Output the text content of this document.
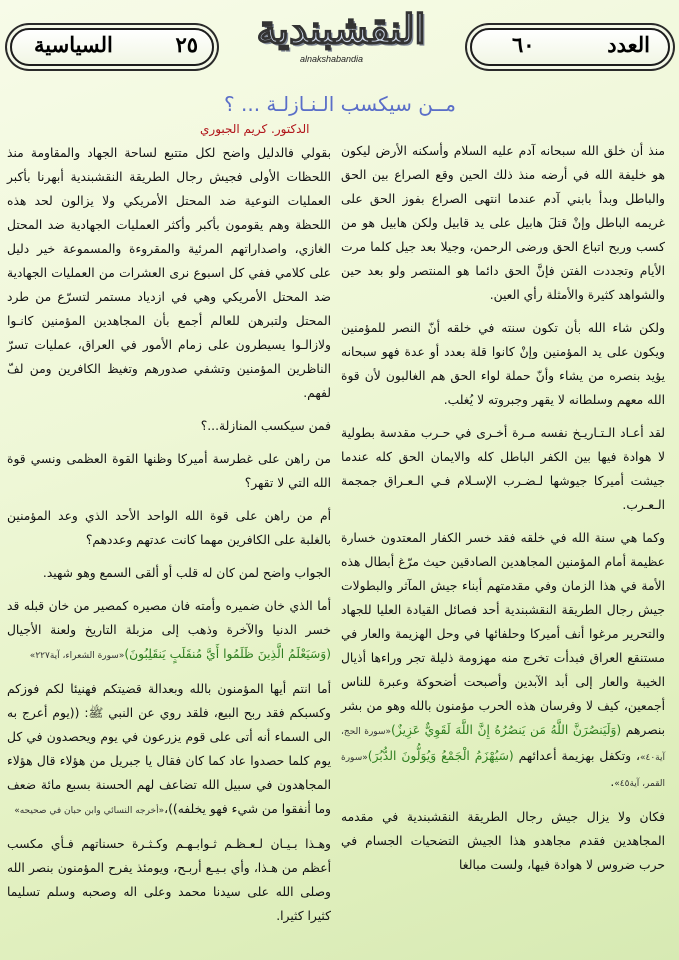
٢٥
السياسية	النقشبندية
alnakshabandia
العدد
٦٠
مــن سيكسب الـنـازلـة ... ؟
الدكتور. كريم الجبوري

منذ أن خلق الله سبحانه آدم عليه السلام وأسكنه الأرض ليكون هو خليفة الله في أرضه منذ ذلك الحين وقع الصراع بين الحق والباطل وبدأ بابني آدم عندما انتهى الصراع بفوز الحق على غريمه الباطل وإنْ قتلَ هابيل على يد قابيل ولكن هابيل هو من كسب وربح اتباع الحق ورضى الرحمن، وجيلا بعد جيل كلما مرت الأيام وتجددت الفتن فإنَّ الحق دائما هو المنتصر ولو بعد حين والشواهد كثيرة والأمثلة رأي العين.

ولكن شاء الله بأن تكون سنته في خلقه أنّ النصر للمؤمنين ويكون على يد المؤمنين وإنْ كانوا قلة بعدد أو عدة فهو سبحانه يؤيد بنصره من يشاء وأنّ حملة لواء الحق هم الغالبون لأن قوة الله معهم وسلطانه لا يقهر وجبروته لا يُغلب.

لقد أعـاد الـتـاريـخ نفسه مـرة أخـرى في حـرب مقدسة بطولية لا هوادة فيها بين الكفر الباطل كله والايمان الحق كله عندما جيشت أميركا جيوشها لـضـرب الإسـلام فـي الـعـراق جمجمة الـعـرب.

وكما هي سنة الله في خلقه فقد خسر الكفار المعتدون خسارة عظيمة أمام المؤمنين المجاهدين الصادقين حيث مرّغ أبطال هذه الأمة في هذا الزمان وفي مقدمتهم أبناء جيش المآثر والبطولات جيش رجال الطريقة النقشبندية أحد فصائل القيادة العليا للجهاد والتحرير مرغوا أنف أميركا وحلفائها في وحل الهزيمة والعار في مستنقع العراق فبدأت تخرج منه مهزومة ذليلة تجر وراءها أذيال الخيبة والعار إلى أبد الآبدين وأصبحت أضحوكة وعبرة للناس أجمعين، كيف لا وفرسان هذه الحرب مؤمنون بالله وهو من بشر بنصرهم (وَلَيَنصُرَنَّ اللَّهُ مَن يَنصُرُهُ إِنَّ اللَّهَ لَقَوِيٌّ عَزِيزٌ)«سورة الحج، آية٤٠»، وتكفل بهزيمة أعدائهم (سَيُهْزَمُ الْجَمْعُ وَيُوَلُّونَ الدُّبُرَ)«سورة القمر، آية٤٥».

فكان ولا يزال جيش رجال الطريقة النقشبندية في مقدمه المجاهدين فقدم مجاهدو هذا الجيش التضحيات الجسام في حرب ضروس لا هوادة فيها، ولست مبالغا

بقولي فالدليل واضح لكل متتبع لساحة الجهاد والمقاومة منذ اللحظات الأولى فجيش رجال الطريقة النقشبندية أبهرنا بأكبر العمليات النوعية ضد المحتل الأمريكي ولا يزالون لحد هذه اللحظة وهم يقومون بأكبر وأكثر العمليات الجهادية ضد المحتل الغازي، واصداراتهم المرئية والمقروءة والمسموعة خير دليل على كلامي ففي كل اسبوع نرى العشرات من العمليات الجهادية ضد المحتل الأمريكي وهي في ازدياد مستمر لتسرّع من طرد المحتل ولتبرهن للعالم أجمع بأن المجاهدين المؤمنين كانـوا ولازالـوا يسيطرون على زمام الأمور في العراق، عمليات تسرّ الناظرين المؤمنين وتشفي صدورهم وتغيظ الكافرين ومن لفّ لفهم.

فمن سيكسب المنازلة...؟

من راهن على غطرسة أميركا وظنها القوة العظمى ونسي قوة الله التي لا تقهر؟

أم من راهن على قوة الله الواحد الأحد الذي وعد المؤمنين بالغلبة على الكافرين مهما كانت عدتهم وعددهم؟

الجواب واضح لمن كان له قلب أو ألقى السمع وهو شهيد.

أما الذي خان ضميره وأمته فان مصيره كمصير من خان قبله قد خسر الدنيا والآخرة وذهب إلى مزبلة التاريخ ولعنة الأجيال (وَسَيَعْلَمُ الَّذِينَ ظَلَمُوا أَيَّ مُنقَلَبٍ يَنقَلِبُونَ)«سورة الشعراء، آية٢٢٧»

أما انتم أيها المؤمنون بالله وبعدالة قضيتكم فهنيئا لكم فوزكم وكسبكم فقد ربح البيع، فلقد روي عن النبي ﷺ: ((يوم أعرج به الى السماء أنه أتى على قوم يزرعون في يوم ويحصدون في كل يوم كلما حصدوا عاد كما كان فقال يا جبريل من هؤلاء قال هؤلاء المجاهدون في سبيل الله تضاعف لهم الحسنة بسبع مائة ضعف وما أنفقوا من شيء فهو يخلفه))،«أخرجه النسائي وابن حبان في صحيحه»

وهـذا بـيـان لـعـظـم ثـوابـهـم وكـثـرة حسناتهم فـأي مكسب أعظم من هـذا، وأي بـيـع أربـح، ويومئذ يفرح المؤمنون بنصر الله وصلى الله على سيدنا محمد وعلى اله وصحبه وسلم تسليما كثيرا كثيرا.
